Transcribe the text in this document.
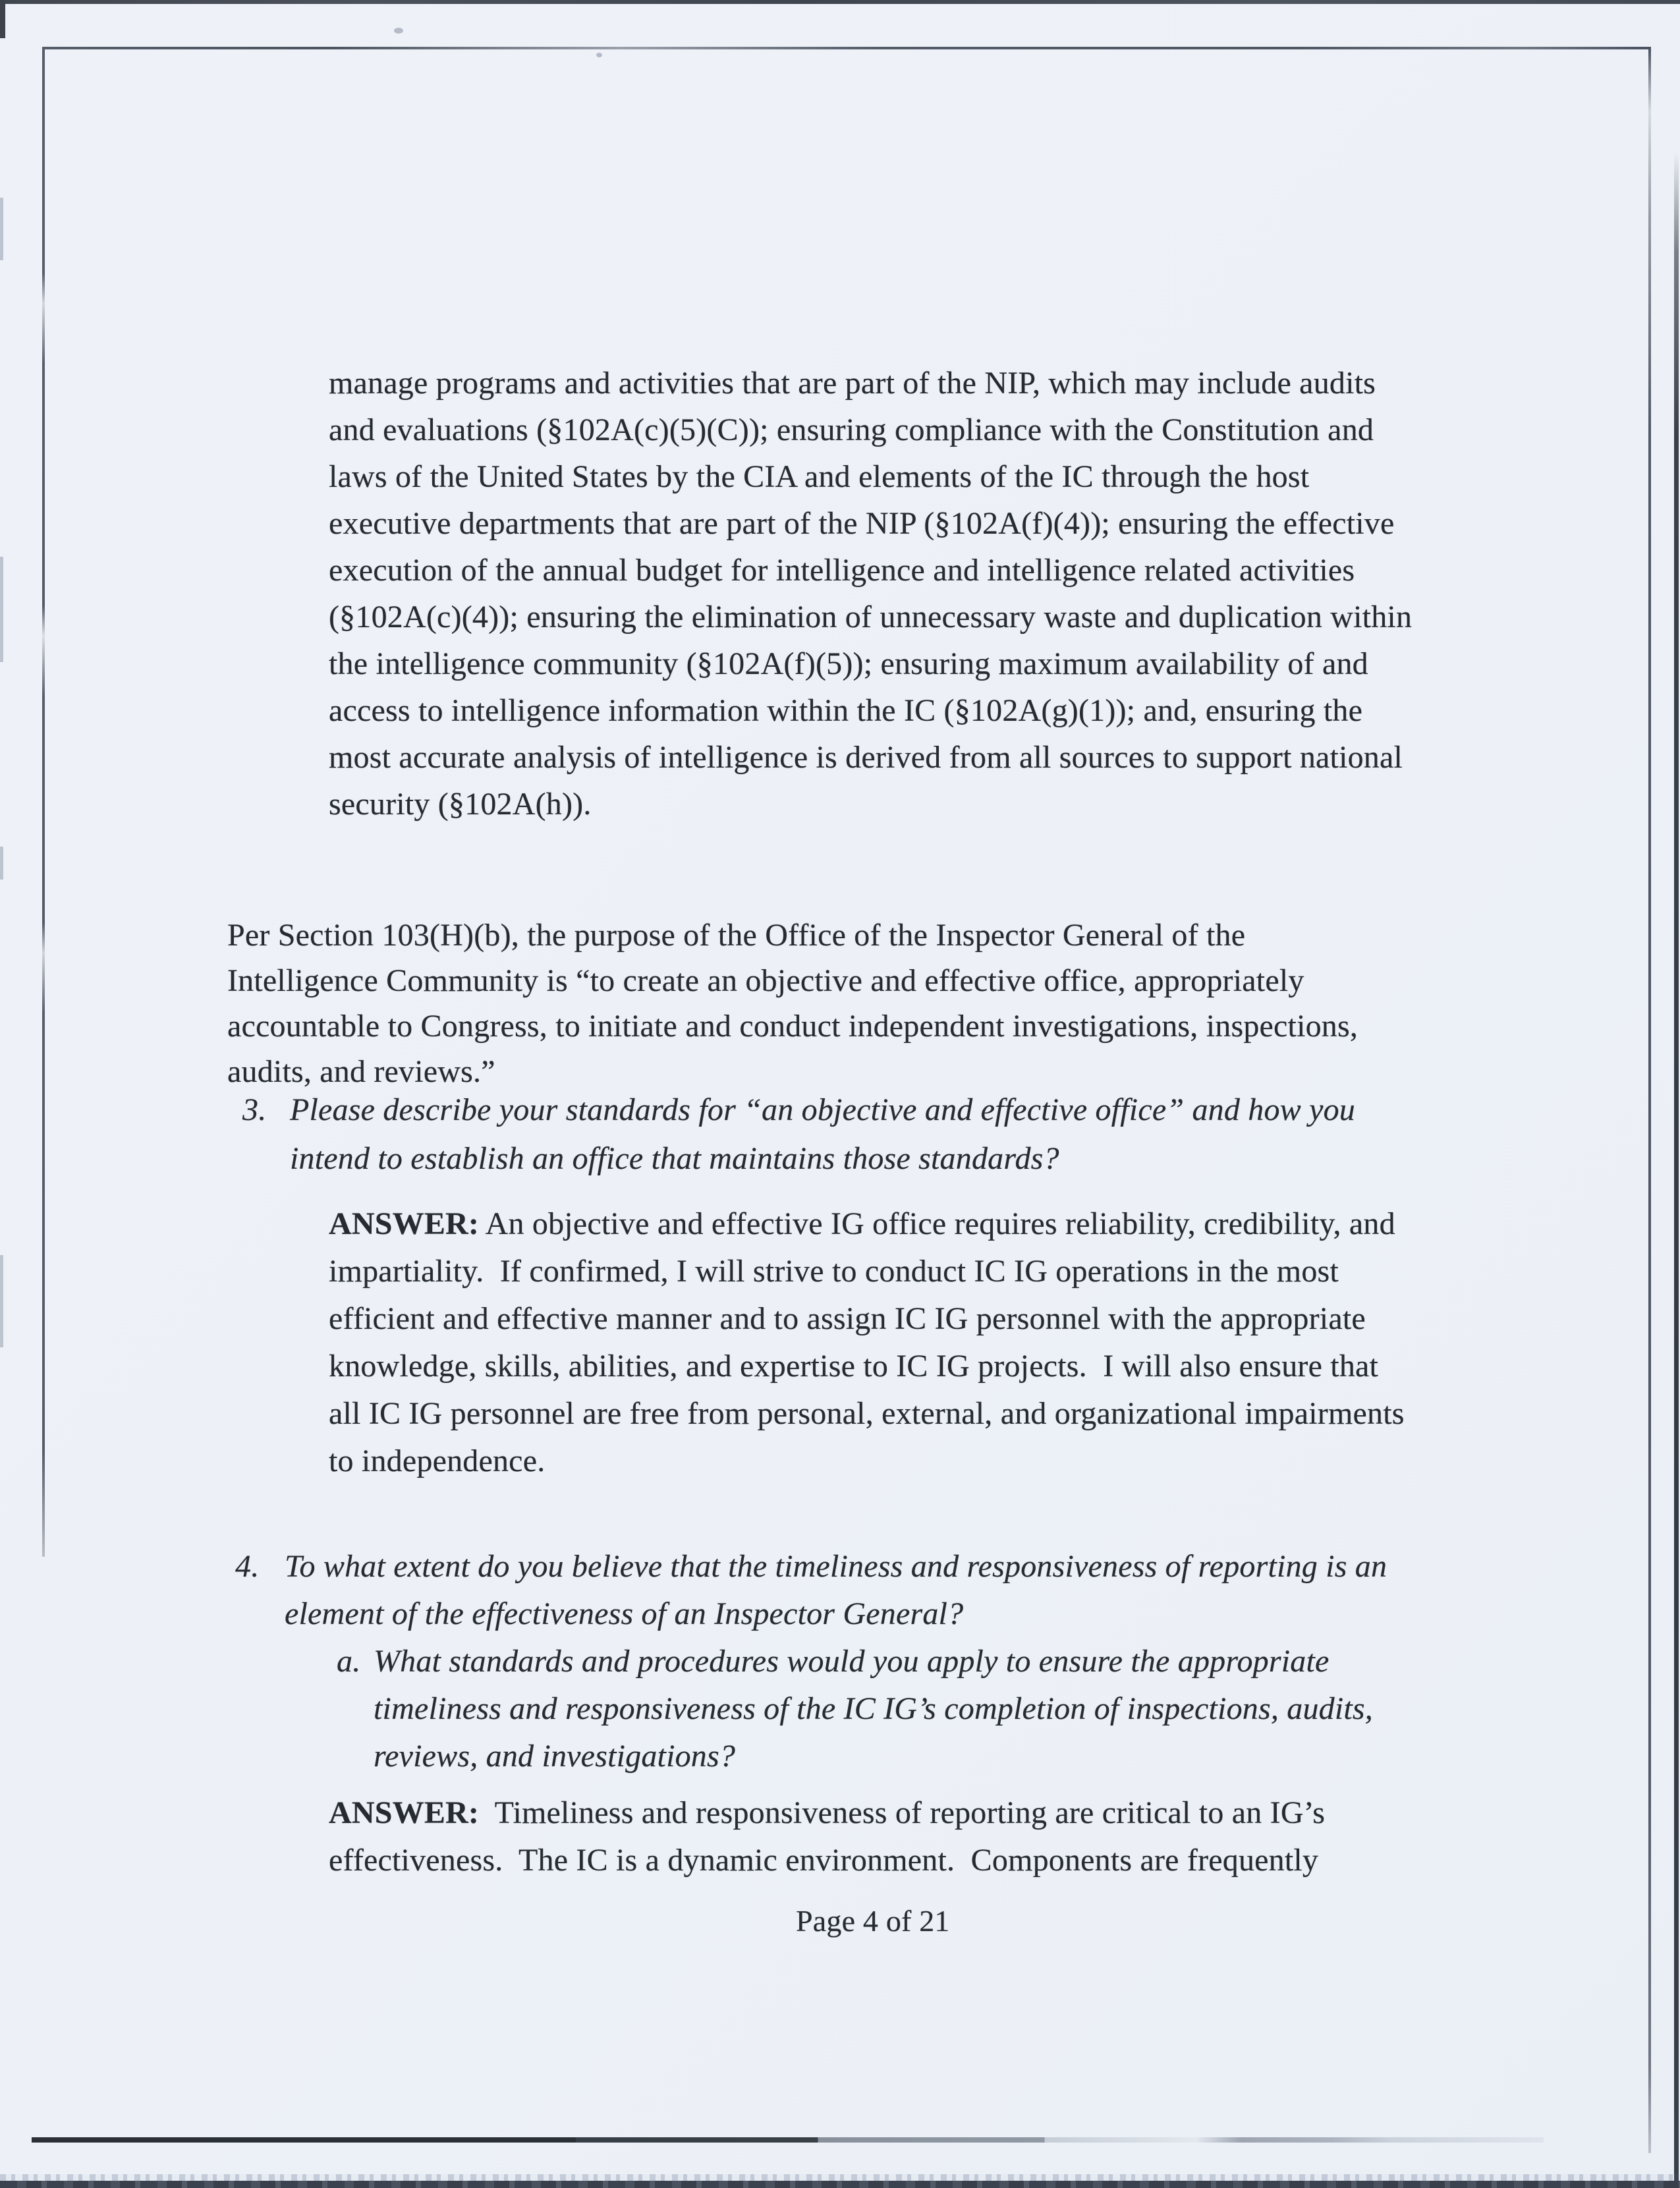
manage programs and activities that are part of the NIP, which may include audits
and evaluations (§102A(c)(5)(C)); ensuring compliance with the Constitution and
laws of the United States by the CIA and elements of the IC through the host
executive departments that are part of the NIP (§102A(f)(4)); ensuring the effective
execution of the annual budget for intelligence and intelligence related activities
(§102A(c)(4)); ensuring the elimination of unnecessary waste and duplication within
the intelligence community (§102A(f)(5)); ensuring maximum availability of and
access to intelligence information within the IC (§102A(g)(1)); and, ensuring the
most accurate analysis of intelligence is derived from all sources to support national
security (§102A(h)).
Per Section 103(H)(b), the purpose of the Office of the Inspector General of the
Intelligence Community is “to create an objective and effective office, appropriately
accountable to Congress, to initiate and conduct independent investigations, inspections,
audits, and reviews.”
3. Please describe your standards for “an objective and effective office” and how you
intend to establish an office that maintains those standards?
ANSWER: An objective and effective IG office requires reliability, credibility, and
impartiality.  If confirmed, I will strive to conduct IC IG operations in the most
efficient and effective manner and to assign IC IG personnel with the appropriate
knowledge, skills, abilities, and expertise to IC IG projects.  I will also ensure that
all IC IG personnel are free from personal, external, and organizational impairments
to independence.
4. To what extent do you believe that the timeliness and responsiveness of reporting is an
element of the effectiveness of an Inspector General?
a. What standards and procedures would you apply to ensure the appropriate
timeliness and responsiveness of the IC IG’s completion of inspections, audits,
reviews, and investigations?
ANSWER:  Timeliness and responsiveness of reporting are critical to an IG’s
effectiveness.  The IC is a dynamic environment.  Components are frequently
Page 4 of 21
